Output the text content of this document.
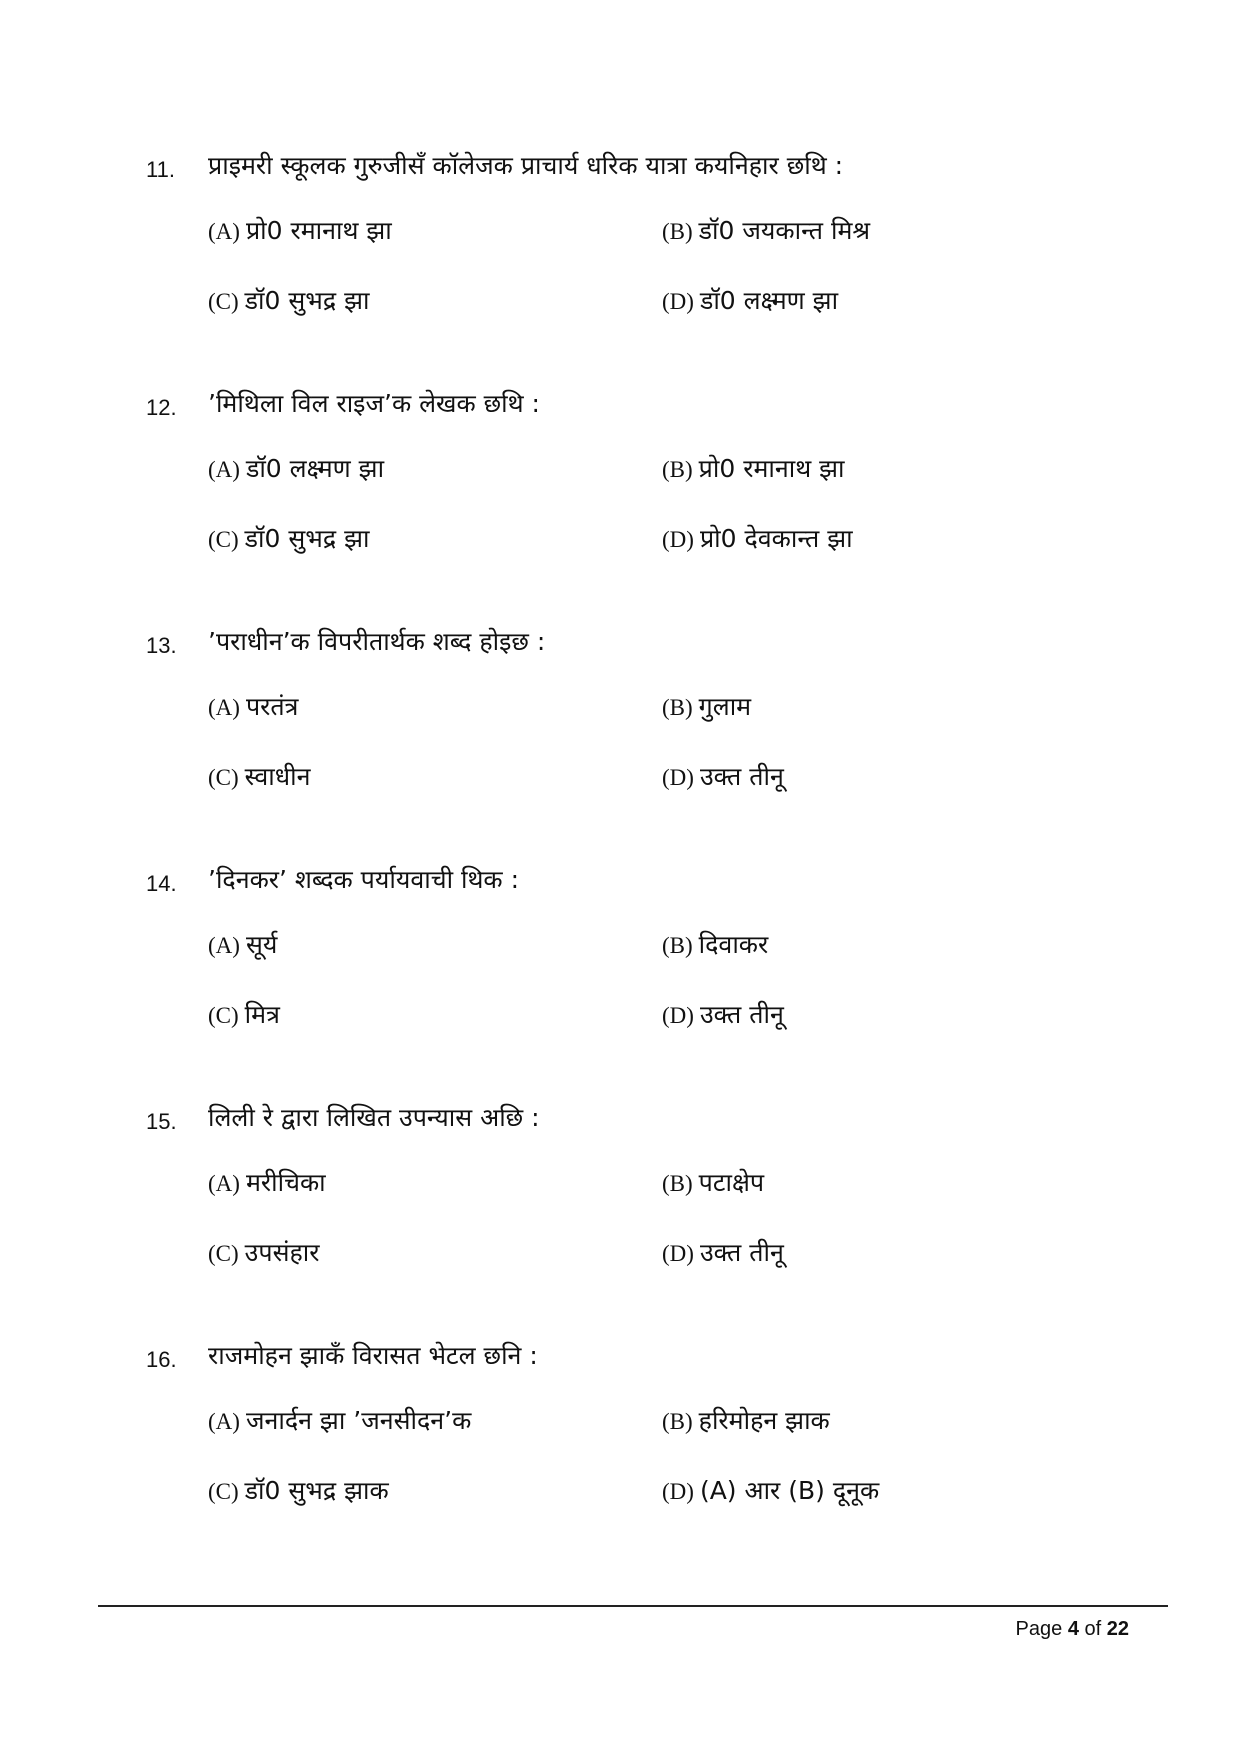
11. प्राइमरी स्कूलक गुरुजीसँ कॉलेजक प्राचार्य धरिक यात्रा कयनिहार छथि :
(A) प्रो0 रमानाथ झा	(B) डॉ0 जयकान्त मिश्र
(C) डॉ0 सुभद्र झा	(D) डॉ0 लक्ष्मण झा
12. ’मिथिला विल राइज’क लेखक छथि :
(A) डॉ0 लक्ष्मण झा	(B) प्रो0 रमानाथ झा
(C) डॉ0 सुभद्र झा	(D) प्रो0 देवकान्त झा
13. ’पराधीन’क विपरीतार्थक शब्द होइछ :
(A) परतंत्र	(B) गुलाम
(C) स्वाधीन	(D) उक्त तीनू
14. ’दिनकर’ शब्दक पर्यायवाची थिक :
(A) सूर्य	(B) दिवाकर
(C) मित्र	(D) उक्त तीनू
15. लिली रे द्वारा लिखित उपन्यास अछि :
(A) मरीचिका	(B) पटाक्षेप
(C) उपसंहार	(D) उक्त तीनू
16. राजमोहन झाकँ विरासत भेटल छनि :
(A) जनार्दन झा ’जनसीदन’क	(B) हरिमोहन झाक
(C) डॉ0 सुभद्र झाक	(D) (A) आर (B) दूनूक
Page 4 of 22
